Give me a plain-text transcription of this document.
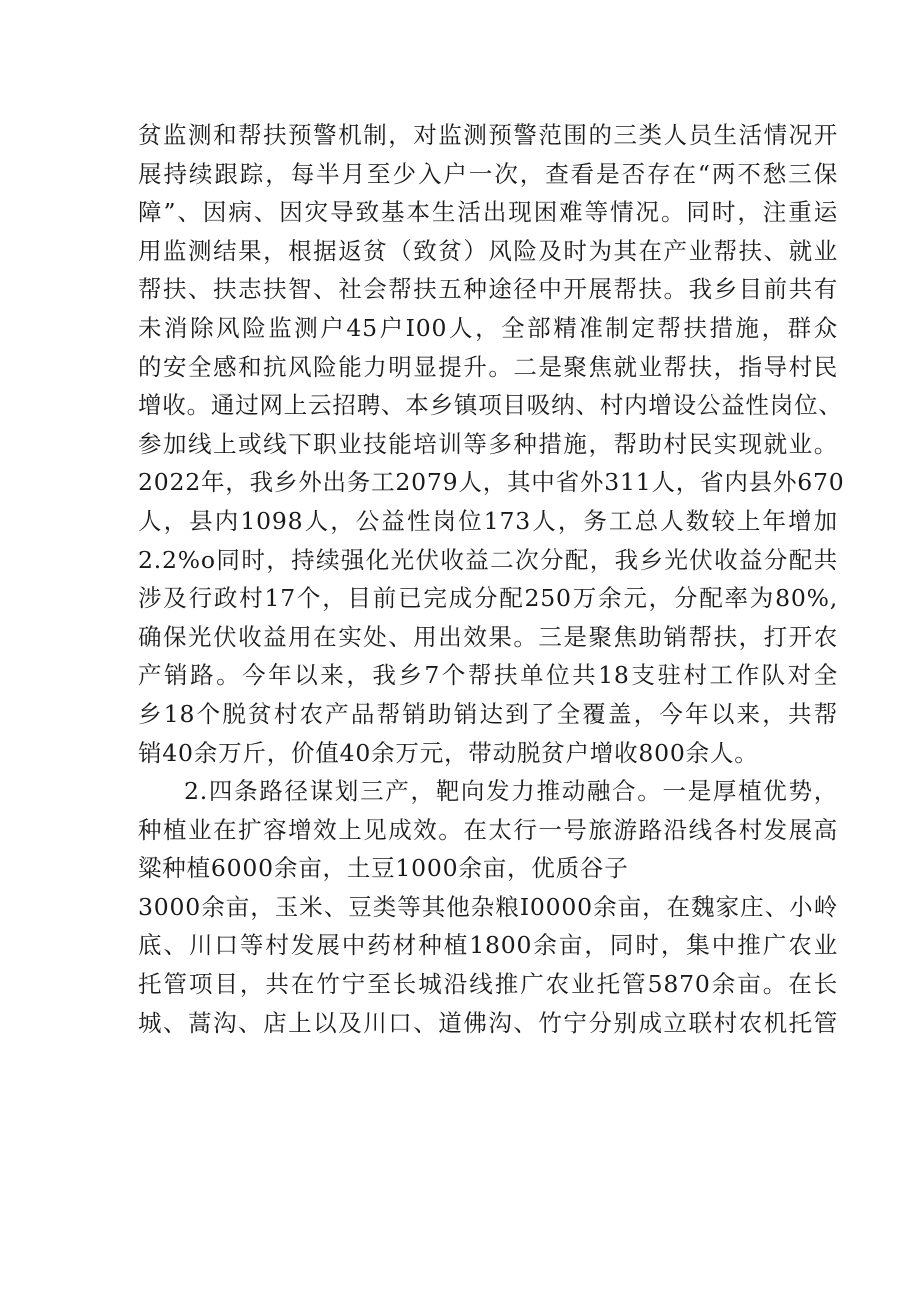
贫监测和帮扶预警机制，对监测预警范围的三类人员生活情况开
展持续跟踪，每半月至少入户一次，查看是否存在“两不愁三保
障”、因病、因灾导致基本生活出现困难等情况。同时，注重运
用监测结果，根据返贫（致贫）风险及时为其在产业帮扶、就业
帮扶、扶志扶智、社会帮扶五种途径中开展帮扶。我乡目前共有
未消除风险监测户45户I00人，全部精准制定帮扶措施，群众
的安全感和抗风险能力明显提升。二是聚焦就业帮扶，指导村民
增收。通过网上云招聘、本乡镇项目吸纳、村内增设公益性岗位、
参加线上或线下职业技能培训等多种措施，帮助村民实现就业。
2022年，我乡外出务工2079人，其中省外311人，省内县外670
人，县内1098人，公益性岗位173人，务工总人数较上年增加
2.2%o同时，持续强化光伏收益二次分配，我乡光伏收益分配共
涉及行政村17个，目前已完成分配250万余元，分配率为80%,
确保光伏收益用在实处、用出效果。三是聚焦助销帮扶，打开农
产销路。今年以来，我乡7个帮扶单位共18支驻村工作队对全
乡18个脱贫村农产品帮销助销达到了全覆盖，今年以来，共帮
销40余万斤，价值40余万元，带动脱贫户增收800余人。
2.四条路径谋划三产，靶向发力推动融合。一是厚植优势，
种植业在扩容增效上见成效。在太行一号旅游路沿线各村发展高
粱种植6000余亩，土豆1000余亩，优质谷子
3000余亩，玉米、豆类等其他杂粮I0000余亩，在魏家庄、小岭
底、川口等村发展中药材种植1800余亩，同时，集中推广农业
托管项目，共在竹宁至长城沿线推广农业托管5870余亩。在长
城、蒿沟、店上以及川口、道佛沟、竹宁分别成立联村农机托管
